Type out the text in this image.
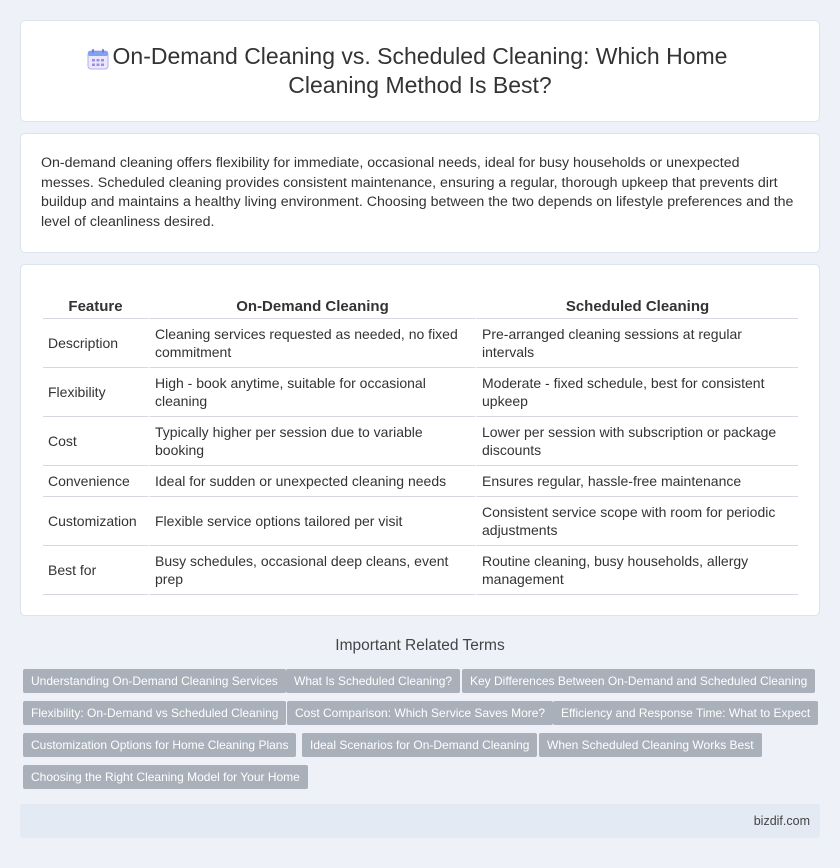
On-Demand Cleaning vs. Scheduled Cleaning: Which Home Cleaning Method Is Best?

On-demand cleaning offers flexibility for immediate, occasional needs, ideal for busy households or unexpected messes. Scheduled cleaning provides consistent maintenance, ensuring a regular, thorough upkeep that prevents dirt buildup and maintains a healthy living environment. Choosing between the two depends on lifestyle preferences and the level of cleanliness desired.

Feature	On-Demand Cleaning	Scheduled Cleaning
Description	Cleaning services requested as needed, no fixed commitment	Pre-arranged cleaning sessions at regular intervals
Flexibility	High - book anytime, suitable for occasional cleaning	Moderate - fixed schedule, best for consistent upkeep
Cost	Typically higher per session due to variable booking	Lower per session with subscription or package discounts
Convenience	Ideal for sudden or unexpected cleaning needs	Ensures regular, hassle-free maintenance
Customization	Flexible service options tailored per visit	Consistent service scope with room for periodic adjustments
Best for	Busy schedules, occasional deep cleans, event prep	Routine cleaning, busy households, allergy management
Important Related Terms
Understanding On-Demand Cleaning Services	What Is Scheduled Cleaning?	Key Differences Between On-Demand and Scheduled Cleaning
Flexibility: On-Demand vs Scheduled Cleaning	Cost Comparison: Which Service Saves More?	Efficiency and Response Time: What to Expect
Customization Options for Home Cleaning Plans	Ideal Scenarios for On-Demand Cleaning	When Scheduled Cleaning Works Best
Choosing the Right Cleaning Model for Your Home
bizdif.com
